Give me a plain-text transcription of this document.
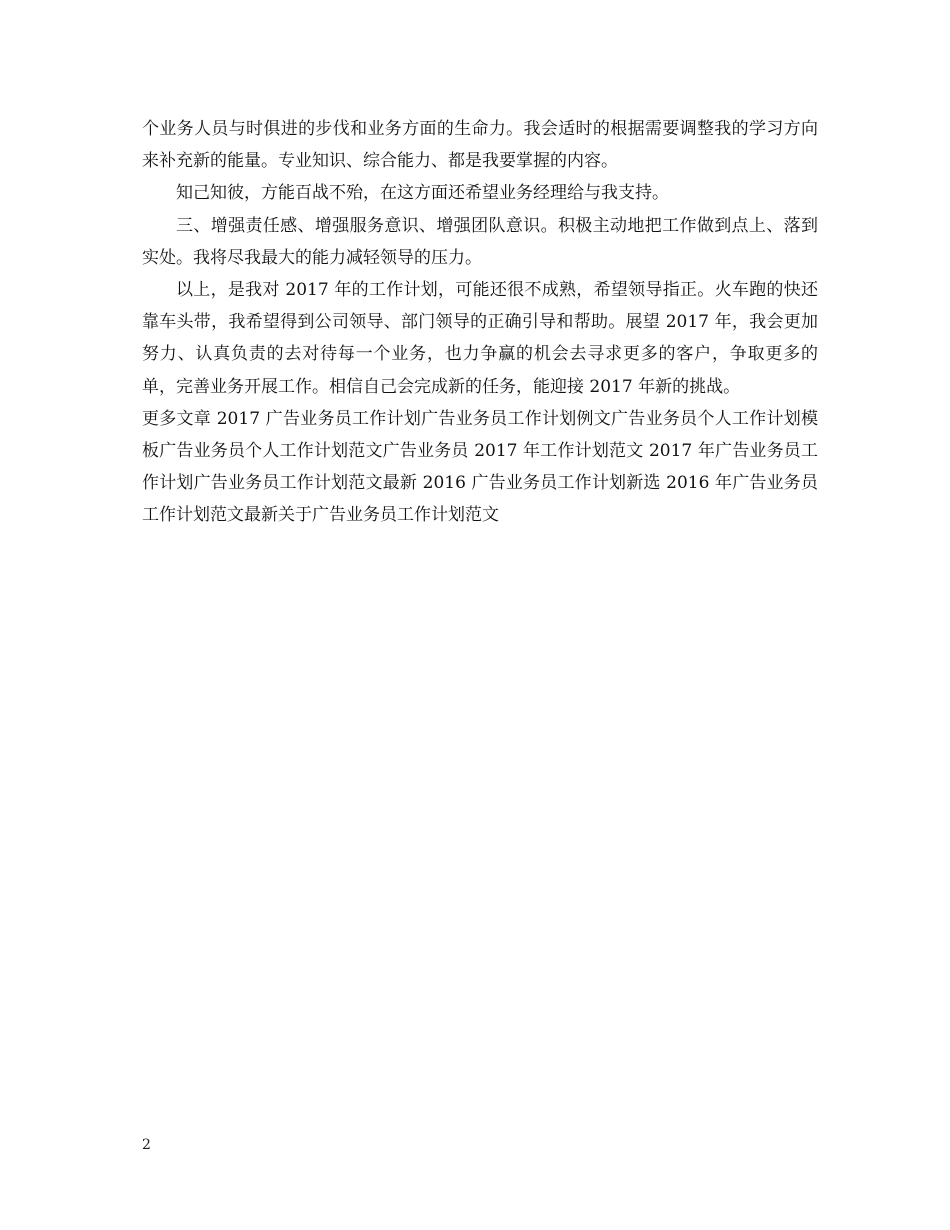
个业务人员与时俱进的步伐和业务方面的生命力。我会适时的根据需要调整我的学习方向来补充新的能量。专业知识、综合能力、都是我要掌握的内容。

知己知彼，方能百战不殆，在这方面还希望业务经理给与我支持。

三、增强责任感、增强服务意识、增强团队意识。积极主动地把工作做到点上、落到实处。我将尽我最大的能力减轻领导的压力。

以上，是我对 2017 年的工作计划，可能还很不成熟，希望领导指正。火车跑的快还靠车头带，我希望得到公司领导、部门领导的正确引导和帮助。展望 2017 年，我会更加努力、认真负责的去对待每一个业务，也力争赢的机会去寻求更多的客户，争取更多的单，完善业务开展工作。相信自己会完成新的任务，能迎接 2017 年新的挑战。

更多文章 2017 广告业务员工作计划广告业务员工作计划例文广告业务员个人工作计划模板广告业务员个人工作计划范文广告业务员 2017 年工作计划范文 2017 年广告业务员工作计划广告业务员工作计划范文最新 2016 广告业务员工作计划新选 2016 年广告业务员工作计划范文最新关于广告业务员工作计划范文

2
